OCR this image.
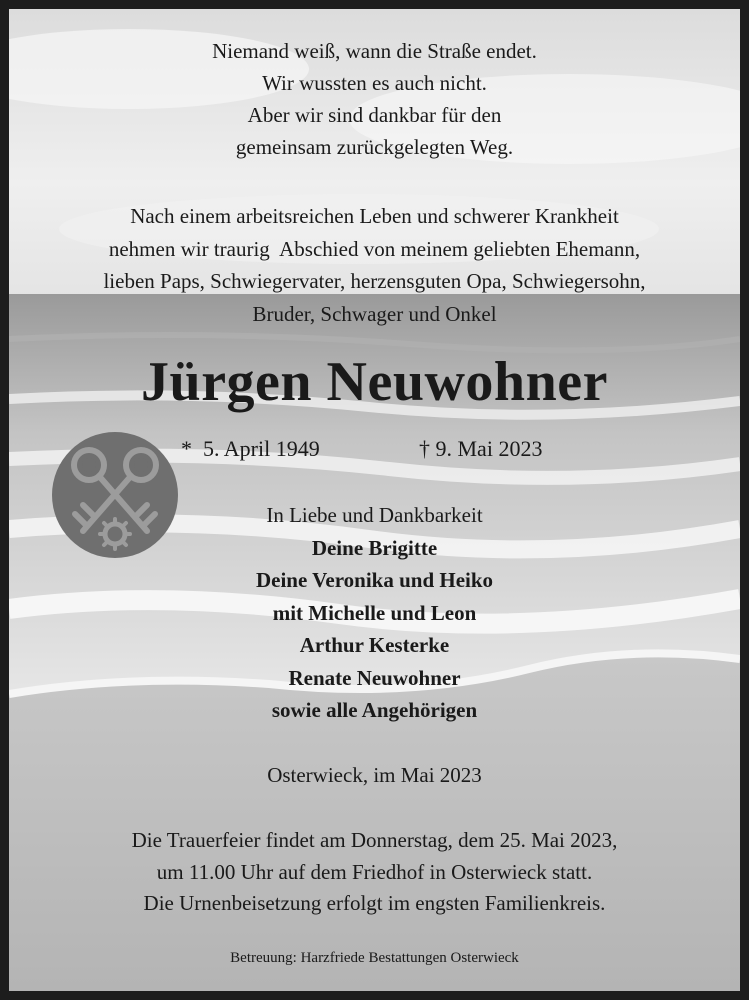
Niemand weiß, wann die Straße endet.
Wir wussten es auch nicht.
Aber wir sind dankbar für den
gemeinsam zurückgelegten Weg.
Nach einem arbeitsreichen Leben und schwerer Krankheit
nehmen wir traurig  Abschied von meinem geliebten Ehemann,
lieben Paps, Schwiegervater, herzensguten Opa, Schwiegersohn,
Bruder, Schwager und Onkel
Jürgen Neuwohner
*  5. April 1949	† 9. Mai 2023
In Liebe und Dankbarkeit
Deine Brigitte
Deine Veronika und Heiko
mit Michelle und Leon
Arthur Kesterke
Renate Neuwohner
sowie alle Angehörigen
Osterwieck, im Mai 2023
Die Trauerfeier findet am Donnerstag, dem 25. Mai 2023,
um 11.00 Uhr auf dem Friedhof in Osterwieck statt.
Die Urnenbeisetzung erfolgt im engsten Familienkreis.
Betreuung: Harzfriede Bestattungen Osterwieck
